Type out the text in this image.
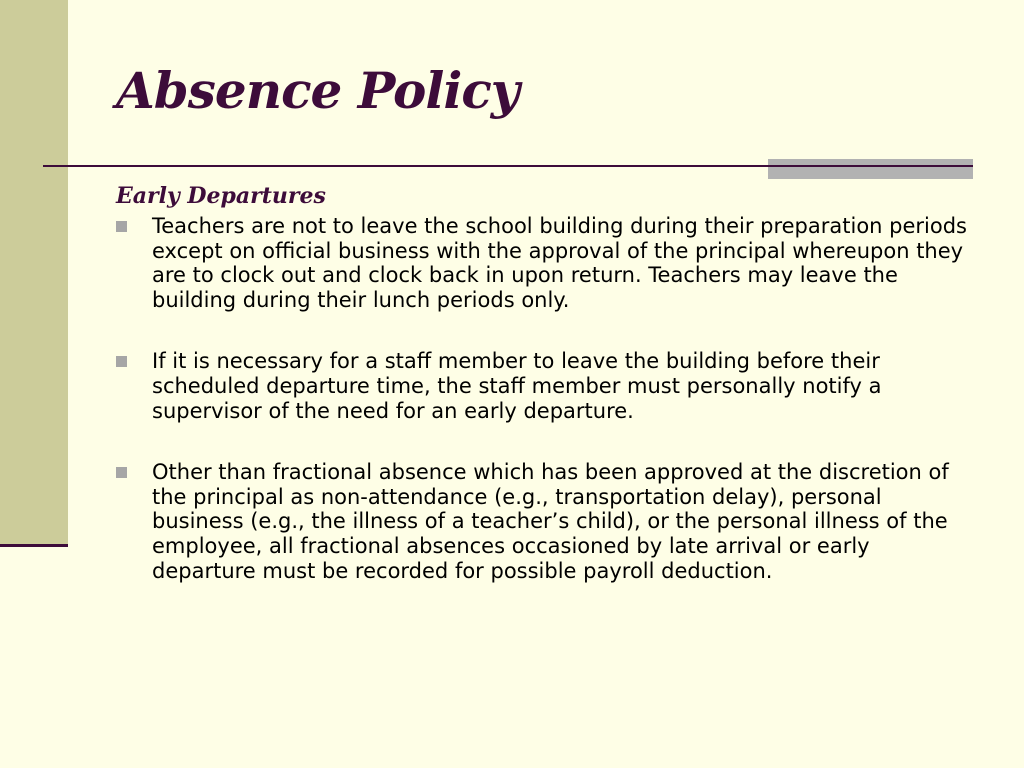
Absence Policy
Early Departures
Teachers are not to leave the school building during their preparation periods except on official business with the approval of the principal whereupon they are to clock out and clock back in upon return. Teachers may leave the building during their lunch periods only.
If it is necessary for a staff member to leave the building before their scheduled departure time, the staff member must personally notify a supervisor of the need for an early departure.
Other than fractional absence which has been approved at the discretion of the principal as non-attendance (e.g., transportation delay), personal business (e.g., the illness of a teacher’s child), or the personal illness of the employee, all fractional absences occasioned by late arrival or early departure must be recorded for possible payroll deduction.
